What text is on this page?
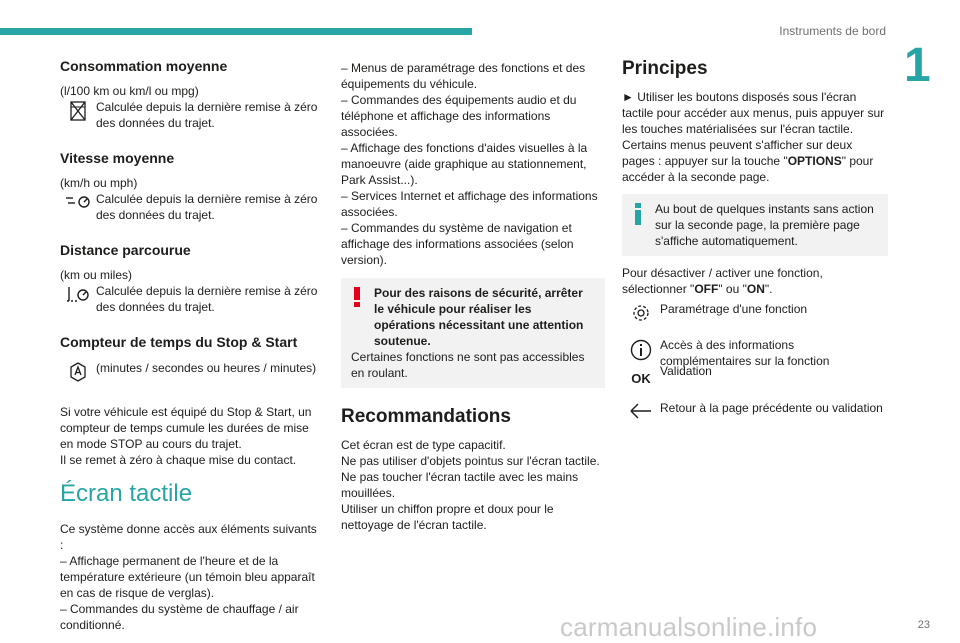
Instruments de bord
1
Consommation moyenne

(l/100 km ou km/l ou mpg)

Calculée depuis la dernière remise à zéro des données du trajet.
Vitesse moyenne

(km/h ou mph)

Calculée depuis la dernière remise à zéro des données du trajet.
Distance parcourue

(km ou miles)

Calculée depuis la dernière remise à zéro des données du trajet.
Compteur de temps du Stop & Start
(minutes / secondes ou heures / minutes)

Si votre véhicule est équipé du Stop & Start, un compteur de temps cumule les durées de mise en mode STOP au cours du trajet.

Il se remet à zéro à chaque mise du contact.

Écran tactile

Ce système donne accès aux éléments suivants :

– Affichage permanent de l'heure et de la température extérieure (un témoin bleu apparaît en cas de risque de verglas).

– Commandes du système de chauffage / air conditionné.

– Menus de paramétrage des fonctions et des équipements du véhicule.

– Commandes des équipements audio et du téléphone et affichage des informations associées.

– Affichage des fonctions d'aides visuelles à la manoeuvre (aide graphique au stationnement, Park Assist...).

– Services Internet et affichage des informations associées.

– Commandes du système de navigation et affichage des informations associées (selon version).

Pour des raisons de sécurité, arrêter le véhicule pour réaliser les opérations nécessitant une attention soutenue.
Certaines fonctions ne sont pas accessibles en roulant.
Recommandations

Cet écran est de type capacitif.

Ne pas utiliser d'objets pointus sur l'écran tactile.

Ne pas toucher l'écran tactile avec les mains mouillées.

Utiliser un chiffon propre et doux pour le nettoyage de l'écran tactile.

Principes

► Utiliser les boutons disposés sous l'écran tactile pour accéder aux menus, puis appuyer sur les touches matérialisées sur l'écran tactile.

Certains menus peuvent s'afficher sur deux pages : appuyer sur la touche "OPTIONS" pour accéder à la seconde page.

Au bout de quelques instants sans action sur la seconde page, la première page s'affiche automatiquement.

Pour désactiver / activer une fonction, sélectionner "OFF" ou "ON".

Paramétrage d'une fonction
Accès à des informations complémentaires sur la fonction
OK Validation
Retour à la page précédente ou validation
carmanualsonline.info	23
